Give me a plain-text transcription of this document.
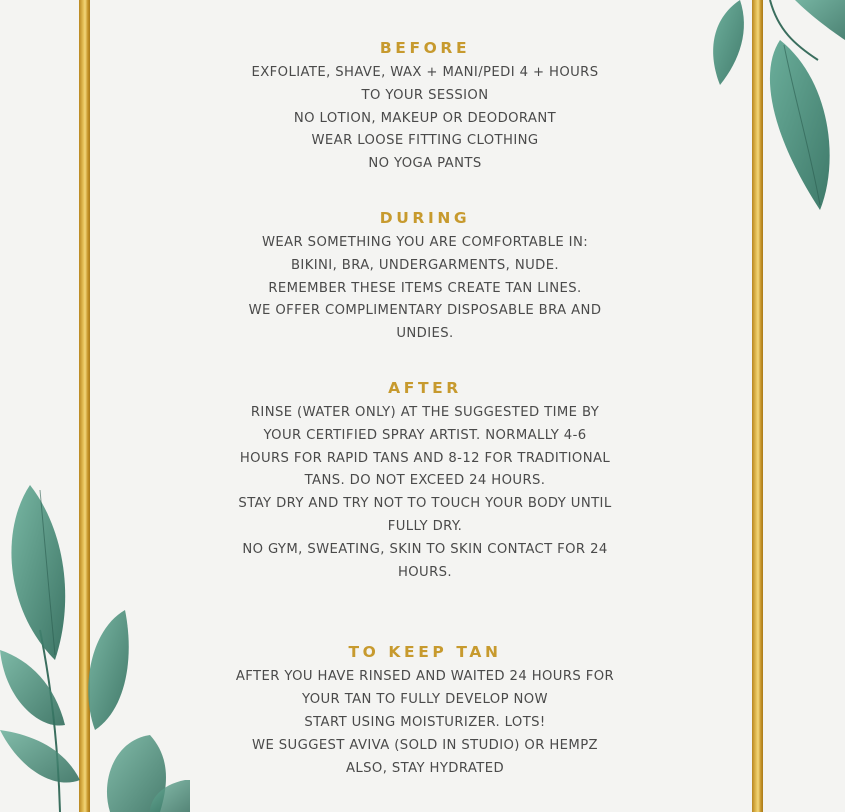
BEFORE

EXFOLIATE, SHAVE, WAX + MANI/PEDI 4 + HOURS

TO YOUR SESSION

NO LOTION, MAKEUP OR DEODORANT

WEAR LOOSE FITTING CLOTHING

NO YOGA PANTS

DURING

WEAR SOMETHING YOU ARE COMFORTABLE IN:

BIKINI, BRA, UNDERGARMENTS, NUDE.

REMEMBER THESE ITEMS CREATE TAN LINES.

WE OFFER COMPLIMENTARY DISPOSABLE BRA AND

UNDIES.

AFTER

RINSE (WATER ONLY) AT THE SUGGESTED TIME BY

YOUR CERTIFIED SPRAY ARTIST. NORMALLY 4-6

HOURS FOR RAPID TANS AND 8-12 FOR TRADITIONAL

TANS. DO NOT EXCEED 24 HOURS.

STAY DRY AND TRY NOT TO TOUCH YOUR BODY UNTIL

FULLY DRY.

NO GYM, SWEATING, SKIN TO SKIN CONTACT FOR 24

HOURS.

TO KEEP TAN

AFTER YOU HAVE RINSED AND WAITED 24 HOURS FOR

YOUR TAN TO FULLY DEVELOP NOW

START USING MOISTURIZER. LOTS!

WE SUGGEST AVIVA (SOLD IN STUDIO) OR HEMPZ

ALSO, STAY HYDRATED
